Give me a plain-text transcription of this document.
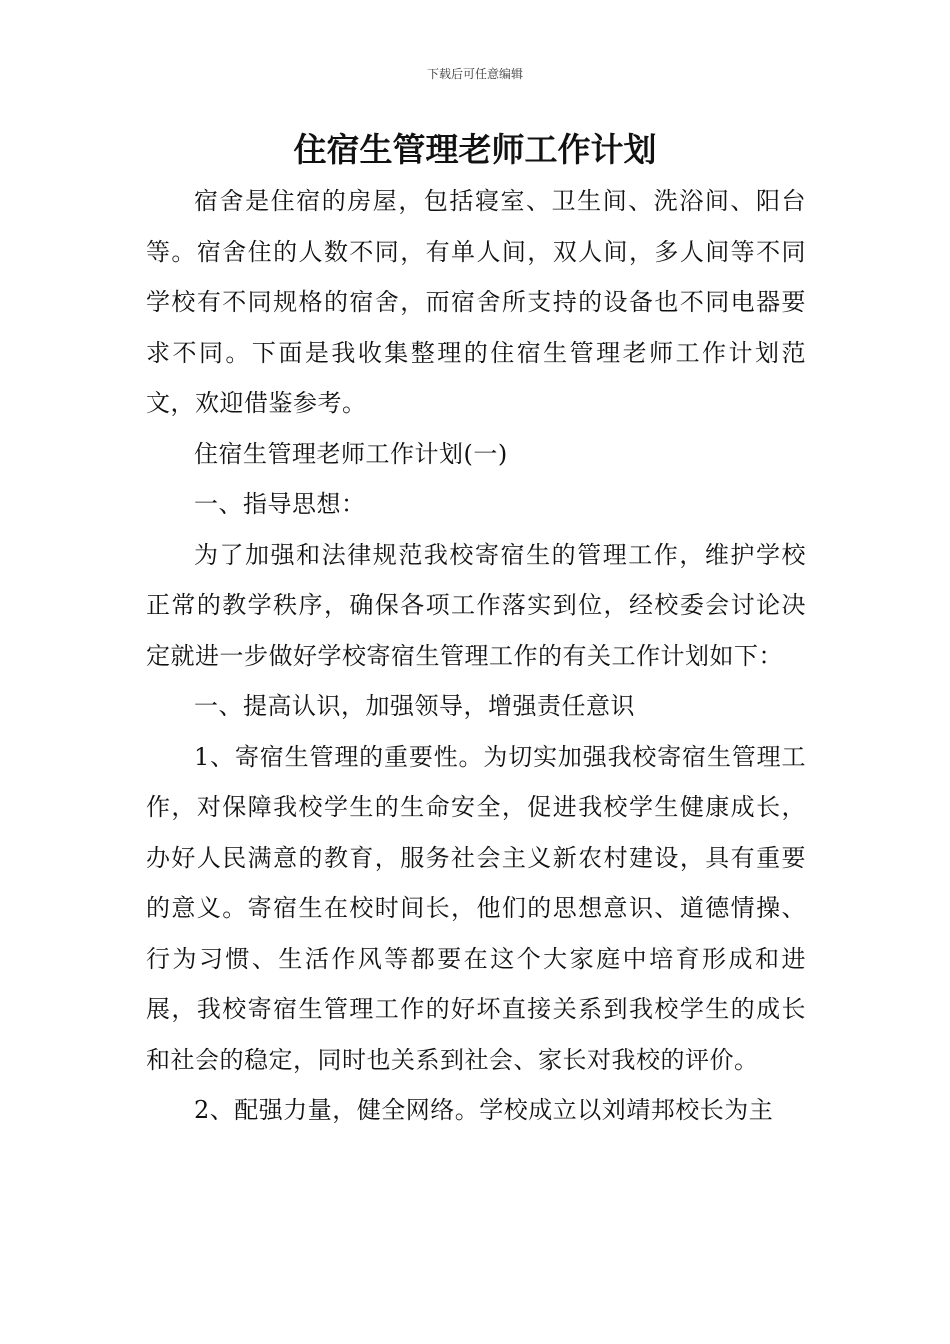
下载后可任意编辑
住宿生管理老师工作计划

宿舍是住宿的房屋，包括寝室、卫生间、洗浴间、阳台等。宿舍住的人数不同，有单人间，双人间，多人间等不同学校有不同规格的宿舍，而宿舍所支持的设备也不同电器要求不同。下面是我收集整理的住宿生管理老师工作计划范文，欢迎借鉴参考。

住宿生管理老师工作计划(一)

一、指导思想：

为了加强和法律规范我校寄宿生的管理工作，维护学校正常的教学秩序，确保各项工作落实到位，经校委会讨论决定就进一步做好学校寄宿生管理工作的有关工作计划如下：

一、提高认识，加强领导，增强责任意识

1、寄宿生管理的重要性。为切实加强我校寄宿生管理工作，对保障我校学生的生命安全，促进我校学生健康成长，办好人民满意的教育，服务社会主义新农村建设，具有重要的意义。寄宿生在校时间长，他们的思想意识、道德情操、行为习惯、生活作风等都要在这个大家庭中培育形成和进展，我校寄宿生管理工作的好坏直接关系到我校学生的成长和社会的稳定，同时也关系到社会、家长对我校的评价。

2、配强力量，健全网络。学校成立以刘靖邦校长为主
